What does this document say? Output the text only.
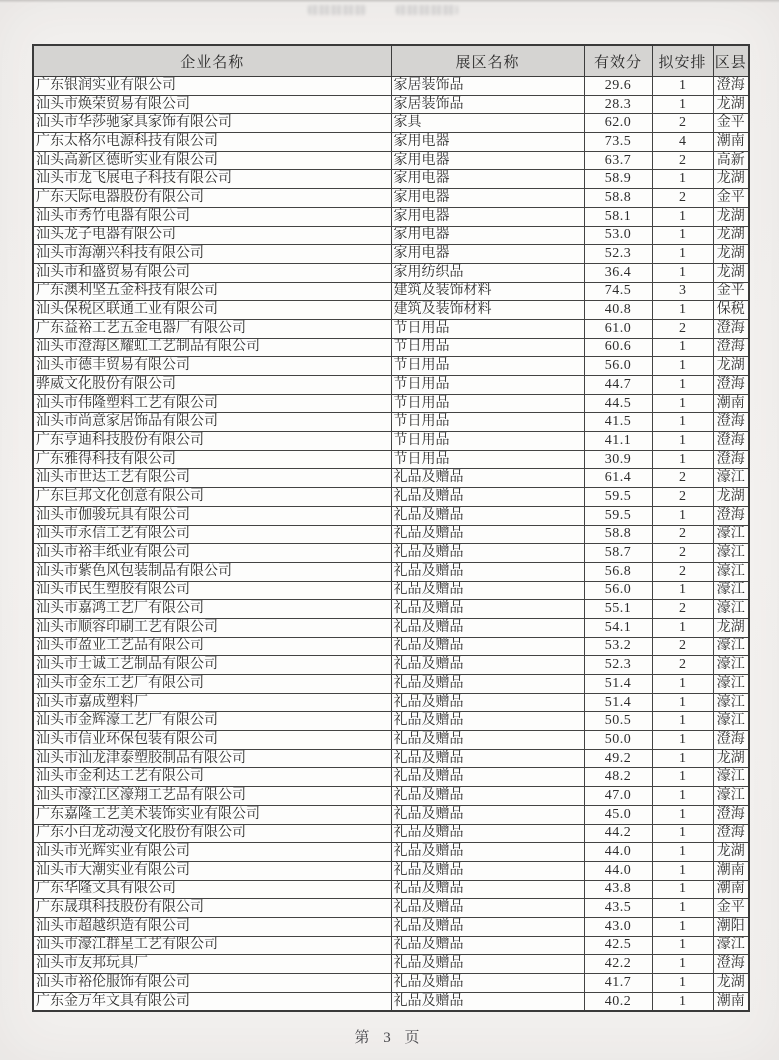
企业名称	展区名称	有效分	拟安排	区县
广东银润实业有限公司	家居装饰品	29.6	1	澄海
汕头市焕荣贸易有限公司	家居装饰品	28.3	1	龙湖
汕头市华莎驰家具家饰有限公司	家具	62.0	2	金平
广东太格尔电源科技有限公司	家用电器	73.5	4	潮南
汕头高新区德昕实业有限公司	家用电器	63.7	2	高新
汕头市龙飞展电子科技有限公司	家用电器	58.9	1	龙湖
广东天际电器股份有限公司	家用电器	58.8	2	金平
汕头市秀竹电器有限公司	家用电器	58.1	1	龙湖
汕头龙子电器有限公司	家用电器	53.0	1	龙湖
汕头市海潮兴科技有限公司	家用电器	52.3	1	龙湖
汕头市和盛贸易有限公司	家用纺织品	36.4	1	龙湖
广东澳利坚五金科技有限公司	建筑及装饰材料	74.5	3	金平
汕头保税区联通工业有限公司	建筑及装饰材料	40.8	1	保税
广东益裕工艺五金电器厂有限公司	节日用品	61.0	2	澄海
汕头市澄海区耀虹工艺制品有限公司	节日用品	60.6	1	澄海
汕头市德丰贸易有限公司	节日用品	56.0	1	龙湖
骅威文化股份有限公司	节日用品	44.7	1	澄海
汕头市伟隆塑料工艺有限公司	节日用品	44.5	1	潮南
汕头市尚意家居饰品有限公司	节日用品	41.5	1	澄海
广东亨迪科技股份有限公司	节日用品	41.1	1	澄海
广东雅得科技有限公司	节日用品	30.9	1	澄海
汕头市世达工艺有限公司	礼品及赠品	61.4	2	濠江
广东巨邦文化创意有限公司	礼品及赠品	59.5	2	龙湖
汕头市伽骏玩具有限公司	礼品及赠品	59.5	1	澄海
汕头市永信工艺有限公司	礼品及赠品	58.8	2	濠江
汕头市裕丰纸业有限公司	礼品及赠品	58.7	2	濠江
汕头市紫色风包装制品有限公司	礼品及赠品	56.8	2	濠江
汕头市民生塑胶有限公司	礼品及赠品	56.0	1	濠江
汕头市嘉鸿工艺厂有限公司	礼品及赠品	55.1	2	濠江
汕头市顺容印刷工艺有限公司	礼品及赠品	54.1	1	龙湖
汕头市盈业工艺品有限公司	礼品及赠品	53.2	2	濠江
汕头市士诚工艺制品有限公司	礼品及赠品	52.3	2	濠江
汕头市金东工艺厂有限公司	礼品及赠品	51.4	1	濠江
汕头市嘉成塑料厂	礼品及赠品	51.4	1	濠江
汕头市金辉濠工艺厂有限公司	礼品及赠品	50.5	1	濠江
汕头市信业环保包装有限公司	礼品及赠品	50.0	1	澄海
汕头市汕龙津泰塑胶制品有限公司	礼品及赠品	49.2	1	龙湖
汕头市金利达工艺有限公司	礼品及赠品	48.2	1	濠江
汕头市濠江区濠翔工艺品有限公司	礼品及赠品	47.0	1	濠江
广东嘉隆工艺美术装饰实业有限公司	礼品及赠品	45.0	1	澄海
广东小白龙动漫文化股份有限公司	礼品及赠品	44.2	1	澄海
汕头市光辉实业有限公司	礼品及赠品	44.0	1	龙湖
汕头市大潮实业有限公司	礼品及赠品	44.0	1	潮南
广东华隆文具有限公司	礼品及赠品	43.8	1	潮南
广东晟琪科技股份有限公司	礼品及赠品	43.5	1	金平
汕头市超越织造有限公司	礼品及赠品	43.0	1	潮阳
汕头市濠江群星工艺有限公司	礼品及赠品	42.5	1	濠江
汕头市友邦玩具厂	礼品及赠品	42.2	1	澄海
汕头市裕伦服饰有限公司	礼品及赠品	41.7	1	龙湖
广东金万年文具有限公司	礼品及赠品	40.2	1	潮南
第 3 页
